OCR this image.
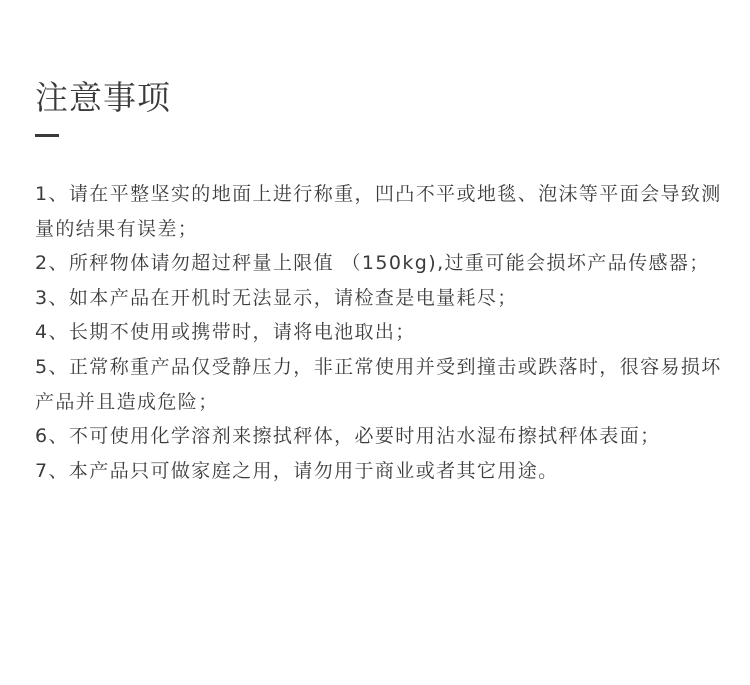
注意事项
1、请在平整坚实的地面上进行称重，凹凸不平或地毯、泡沫等平面会导致测量的结果有误差；
2、所秤物体请勿超过秤量上限值 （150kg),过重可能会损坏产品传感器；
3、如本产品在开机时无法显示，请检查是电量耗尽；
4、长期不使用或携带时，请将电池取出；
5、正常称重产品仅受静压力，非正常使用并受到撞击或跌落时，很容易损坏产品并且造成危险；
6、不可使用化学溶剂来擦拭秤体，必要时用沾水湿布擦拭秤体表面；
7、本产品只可做家庭之用，请勿用于商业或者其它用途。
